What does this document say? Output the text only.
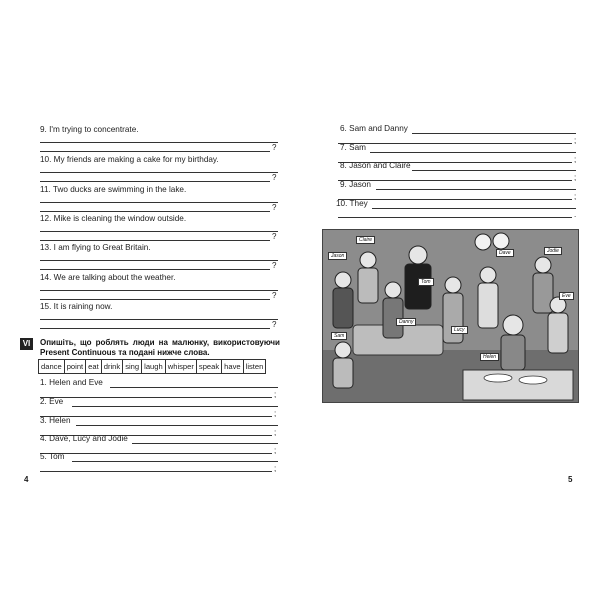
9. I'm trying to concentrate.
?
10. My friends are making a cake for my birthday.
?
11. Two ducks are swimming in the lake.
?
12. Mike is cleaning the window outside.
?
13. I am flying to Great Britain.
?
14. We are talking about the weather.
?
15. It is raining now.
?
VI	Опишіть, що роблять люди на малюнку, використовуючи
Present Continuous та подані нижче слова.
dance	point	eat	drink	sing	laugh	whisper	speak	have	listen
1. Helen and Eve
;
2. Eve
;
3. Helen
;
4. Dave, Lucy and Jodie
;
5. Tom
;
4
6. Sam and Danny
;
7. Sam
;
8. Jason and Claire
;
9. Jason
;
10. They
.
5
Claire
Jason
Tom
Danny
Dave	Jodie
Eve
Lucy
Helen
Sam
